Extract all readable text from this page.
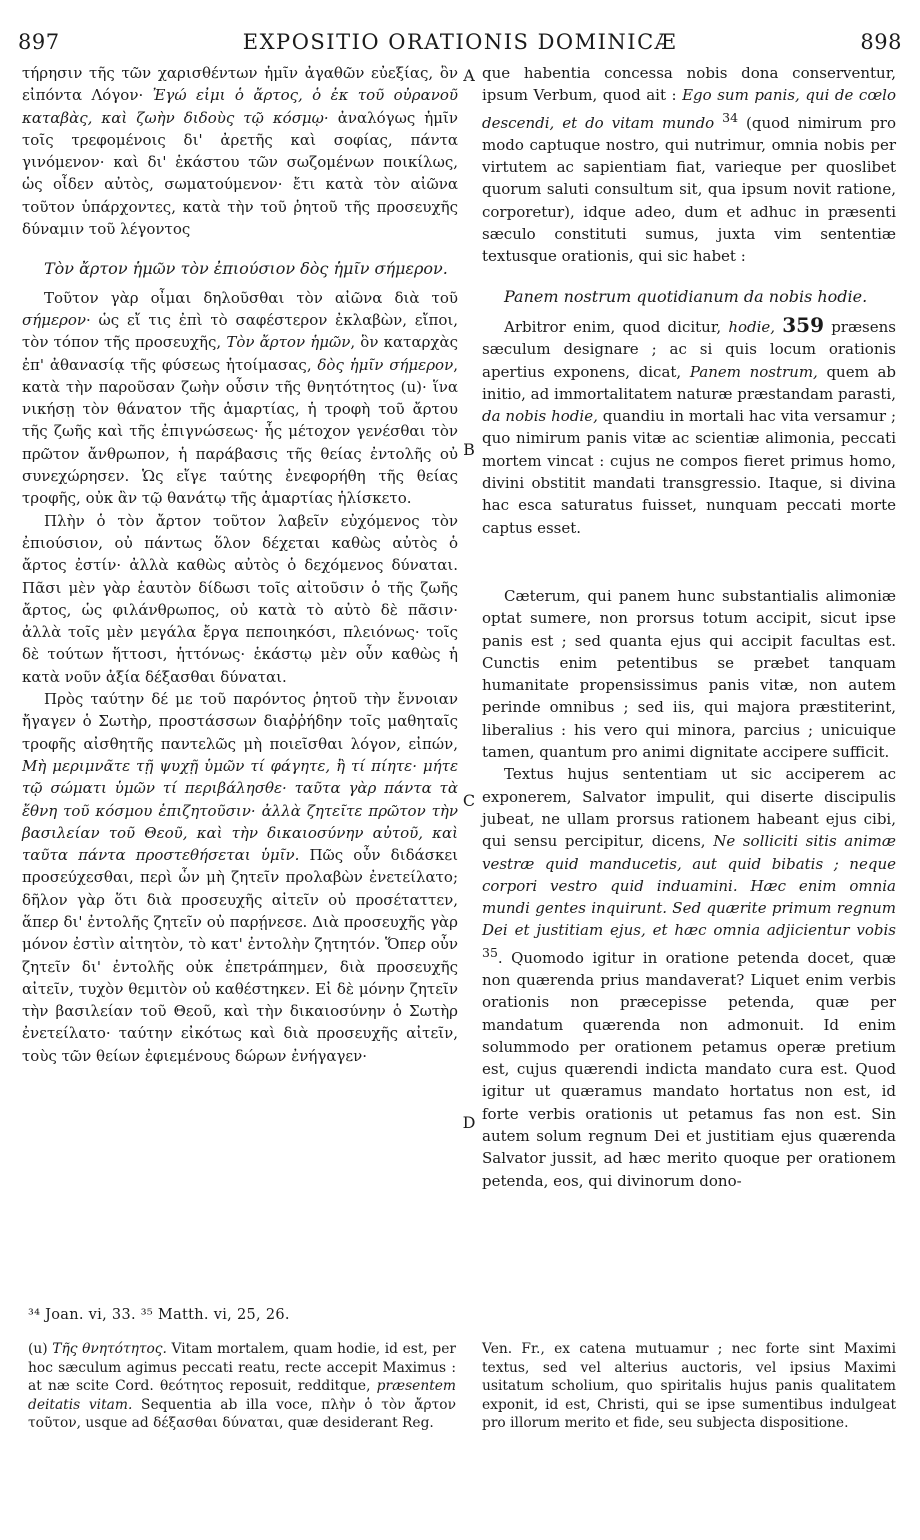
897	EXPOSITIO ORATIONIS DOMINICÆ	898
A
B
C
D

τήρησιν τῆς τῶν χαρισθέντων ἡμῖν ἀγαθῶν εὐεξίας, ὃν εἰπόντα Λόγον· Ἐγώ εἰμι ὁ ἄρτος, ὁ ἐκ τοῦ οὐρανοῦ καταβὰς, καὶ ζωὴν διδοὺς τῷ κόσμῳ· ἀναλόγως ἡμῖν τοῖς τρεφομένοις δι' ἀρετῆς καὶ σοφίας, πάντα γινόμενον· καὶ δι' ἑκάστου τῶν σωζομένων ποικίλως, ὡς οἶδεν αὐτὸς, σωματούμενον· ἔτι κατὰ τὸν αἰῶνα τοῦτον ὑπάρχοντες, κατὰ τὴν τοῦ ῥητοῦ τῆς προσευχῆς δύναμιν τοῦ λέγοντος

Τὸν ἄρτον ἡμῶν τὸν ἐπιούσιον δὸς ἡμῖν σήμερον.

Τοῦτον γὰρ οἶμαι δηλοῦσθαι τὸν αἰῶνα διὰ τοῦ σήμερον· ὡς εἴ τις ἐπὶ τὸ σαφέστερον ἐκλαβὼν, εἴποι, τὸν τόπον τῆς προσευχῆς, Τὸν ἄρτον ἡμῶν, ὃν καταρχὰς ἐπ' ἀθανασίᾳ τῆς φύσεως ἡτοίμασας, δὸς ἡμῖν σήμερον, κατὰ τὴν παροῦσαν ζωὴν οὖσιν τῆς θνητότητος (u)· ἵνα νικήσῃ τὸν θάνατον τῆς ἁμαρτίας, ἡ τροφὴ τοῦ ἄρτου τῆς ζωῆς καὶ τῆς ἐπιγνώσεως· ἧς μέτοχον γενέσθαι τὸν πρῶτον ἄνθρωπον, ἡ παράβασις τῆς θείας ἐντολῆς οὐ συνεχώρησεν. Ὡς εἴγε ταύτης ἐνεφορήθη τῆς θείας τροφῆς, οὐκ ἂν τῷ θανάτῳ τῆς ἁμαρτίας ἡλίσκετο.

Πλὴν ὁ τὸν ἄρτον τοῦτον λαβεῖν εὐχόμενος τὸν ἐπιούσιον, οὐ πάντως ὅλον δέχεται καθὼς αὐτὸς ὁ ἄρτος ἐστίν· ἀλλὰ καθὼς αὐτὸς ὁ δεχόμενος δύναται. Πᾶσι μὲν γὰρ ἑαυτὸν δίδωσι τοῖς αἰτοῦσιν ὁ τῆς ζωῆς ἄρτος, ὡς φιλάνθρωπος, οὐ κατὰ τὸ αὐτὸ δὲ πᾶσιν· ἀλλὰ τοῖς μὲν μεγάλα ἔργα πεποιηκόσι, πλειόνως· τοῖς δὲ τούτων ἥττοσι, ἡττόνως· ἑκάστῳ μὲν οὖν καθὼς ἡ κατὰ νοῦν ἀξία δέξασθαι δύναται.

Πρὸς ταύτην δέ με τοῦ παρόντος ῥητοῦ τὴν ἔννοιαν ἤγαγεν ὁ Σωτὴρ, προστάσσων διαῤῥήδην τοῖς μαθηταῖς τροφῆς αἰσθητῆς παντελῶς μὴ ποιεῖσθαι λόγον, εἰπών, Μὴ μεριμνᾶτε τῇ ψυχῇ ὑμῶν τί φάγητε, ἢ τί πίητε· μήτε τῷ σώματι ὑμῶν τί περιβάλησθε· ταῦτα γὰρ πάντα τὰ ἔθνη τοῦ κόσμου ἐπιζητοῦσιν· ἀλλὰ ζητεῖτε πρῶτον τὴν βασιλείαν τοῦ Θεοῦ, καὶ τὴν δικαιοσύνην αὐτοῦ, καὶ ταῦτα πάντα προστεθήσεται ὑμῖν. Πῶς οὖν διδάσκει προσεύχεσθαι, περὶ ὧν μὴ ζητεῖν προλαβὼν ἐνετείλατο; δῆλον γὰρ ὅτι διὰ προσευχῆς αἰτεῖν οὐ προσέταττεν, ἅπερ δι' ἐντολῆς ζητεῖν οὐ παρῄνεσε. Διὰ προσευχῆς γὰρ μόνον ἐστὶν αἰτητὸν, τὸ κατ' ἐντολὴν ζητητόν. Ὅπερ οὖν ζητεῖν δι' ἐντολῆς οὐκ ἐπετράπημεν, διὰ προσευχῆς αἰτεῖν, τυχὸν θεμιτὸν οὐ καθέστηκεν. Εἰ δὲ μόνην ζητεῖν τὴν βασιλείαν τοῦ Θεοῦ, καὶ τὴν δικαιοσύνην ὁ Σωτὴρ ἐνετείλατο· ταύτην εἰκότως καὶ διὰ προσευχῆς αἰτεῖν, τοὺς τῶν θείων ἐφιεμένους δώρων ἐνήγαγεν·

que habentia concessa nobis dona conserventur, ipsum Verbum, quod ait : Ego sum panis, qui de cœlo descendi, et do vitam mundo $^{34}$ (quod nimirum pro modo captuque nostro, qui nutrimur, omnia nobis per virtutem ac sapientiam fiat, varieque per quoslibet quorum saluti consultum sit, qua ipsum novit ratione, corporetur), idque adeo, dum et adhuc in præsenti sæculo constituti sumus, juxta vim sententiæ textusque orationis, qui sic habet :

Panem nostrum quotidianum da nobis hodie.

Arbitror enim, quod dicitur, hodie, 359 præsens sæculum designare ; ac si quis locum orationis apertius exponens, dicat, Panem nostrum, quem ab initio, ad immortalitatem naturæ præstandam parasti, da nobis hodie, quandiu in mortali hac vita versamur ; quo nimirum panis vitæ ac scientiæ alimonia, peccati mortem vincat : cujus ne compos fieret primus homo, divini obstitit mandati transgressio. Itaque, si divina hac esca saturatus fuisset, nunquam peccati morte captus esset.

Cæterum, qui panem hunc substantialis alimoniæ optat sumere, non prorsus totum accipit, sicut ipse panis est ; sed quanta ejus qui accipit facultas est. Cunctis enim petentibus se præbet tanquam humanitate propensissimus panis vitæ, non autem perinde omnibus ; sed iis, qui majora præstiterint, liberalius : his vero qui minora, parcius ; unicuique tamen, quantum pro animi dignitate accipere sufficit.

Textus hujus sententiam ut sic acciperem ac exponerem, Salvator impulit, qui diserte discipulis jubeat, ne ullam prorsus rationem habeant ejus cibi, qui sensu percipitur, dicens, Ne solliciti sitis animæ vestræ quid manducetis, aut quid bibatis ; neque corpori vestro quid induamini. Hæc enim omnia mundi gentes inquirunt. Sed quærite primum regnum Dei et justitiam ejus, et hæc omnia adjicientur vobis $^{35}$. Quomodo igitur in oratione petenda docet, quæ non quærenda prius mandaverat? Liquet enim verbis orationis non præcepisse petenda, quæ per mandatum quærenda non admonuit. Id enim solummodo per orationem petamus operæ pretium est, cujus quærendi indicta mandato cura est. Quod igitur ut quæramus mandato hortatus non est, id forte verbis orationis ut petamus fas non est. Sin autem solum regnum Dei et justitiam ejus quærenda Salvator jussit, ad hæc merito quoque per orationem petenda, eos, qui divinorum dono-

³⁴ Joan. vi, 33. ³⁵ Matth. vi, 25, 26.

(u) Τῆς θνητότητος. Vitam mortalem, quam hodie, id est, per hoc sæculum agimus peccati reatu, recte accepit Maximus : at næ scite Cord. θεότητος reposuit, redditque, præsentem deitatis vitam. Sequentia ab illa voce, πλὴν ὁ τὸν ἄρτον τοῦτον, usque ad δέξασθαι δύναται, quæ desiderant Reg.

Ven. Fr., ex catena mutuamur ; nec forte sint Maximi textus, sed vel alterius auctoris, vel ipsius Maximi usitatum scholium, quo spiritalis hujus panis qualitatem exponit, id est, Christi, qui se ipse sumentibus indulgeat pro illorum merito et fide, seu subjecta dispositione.
